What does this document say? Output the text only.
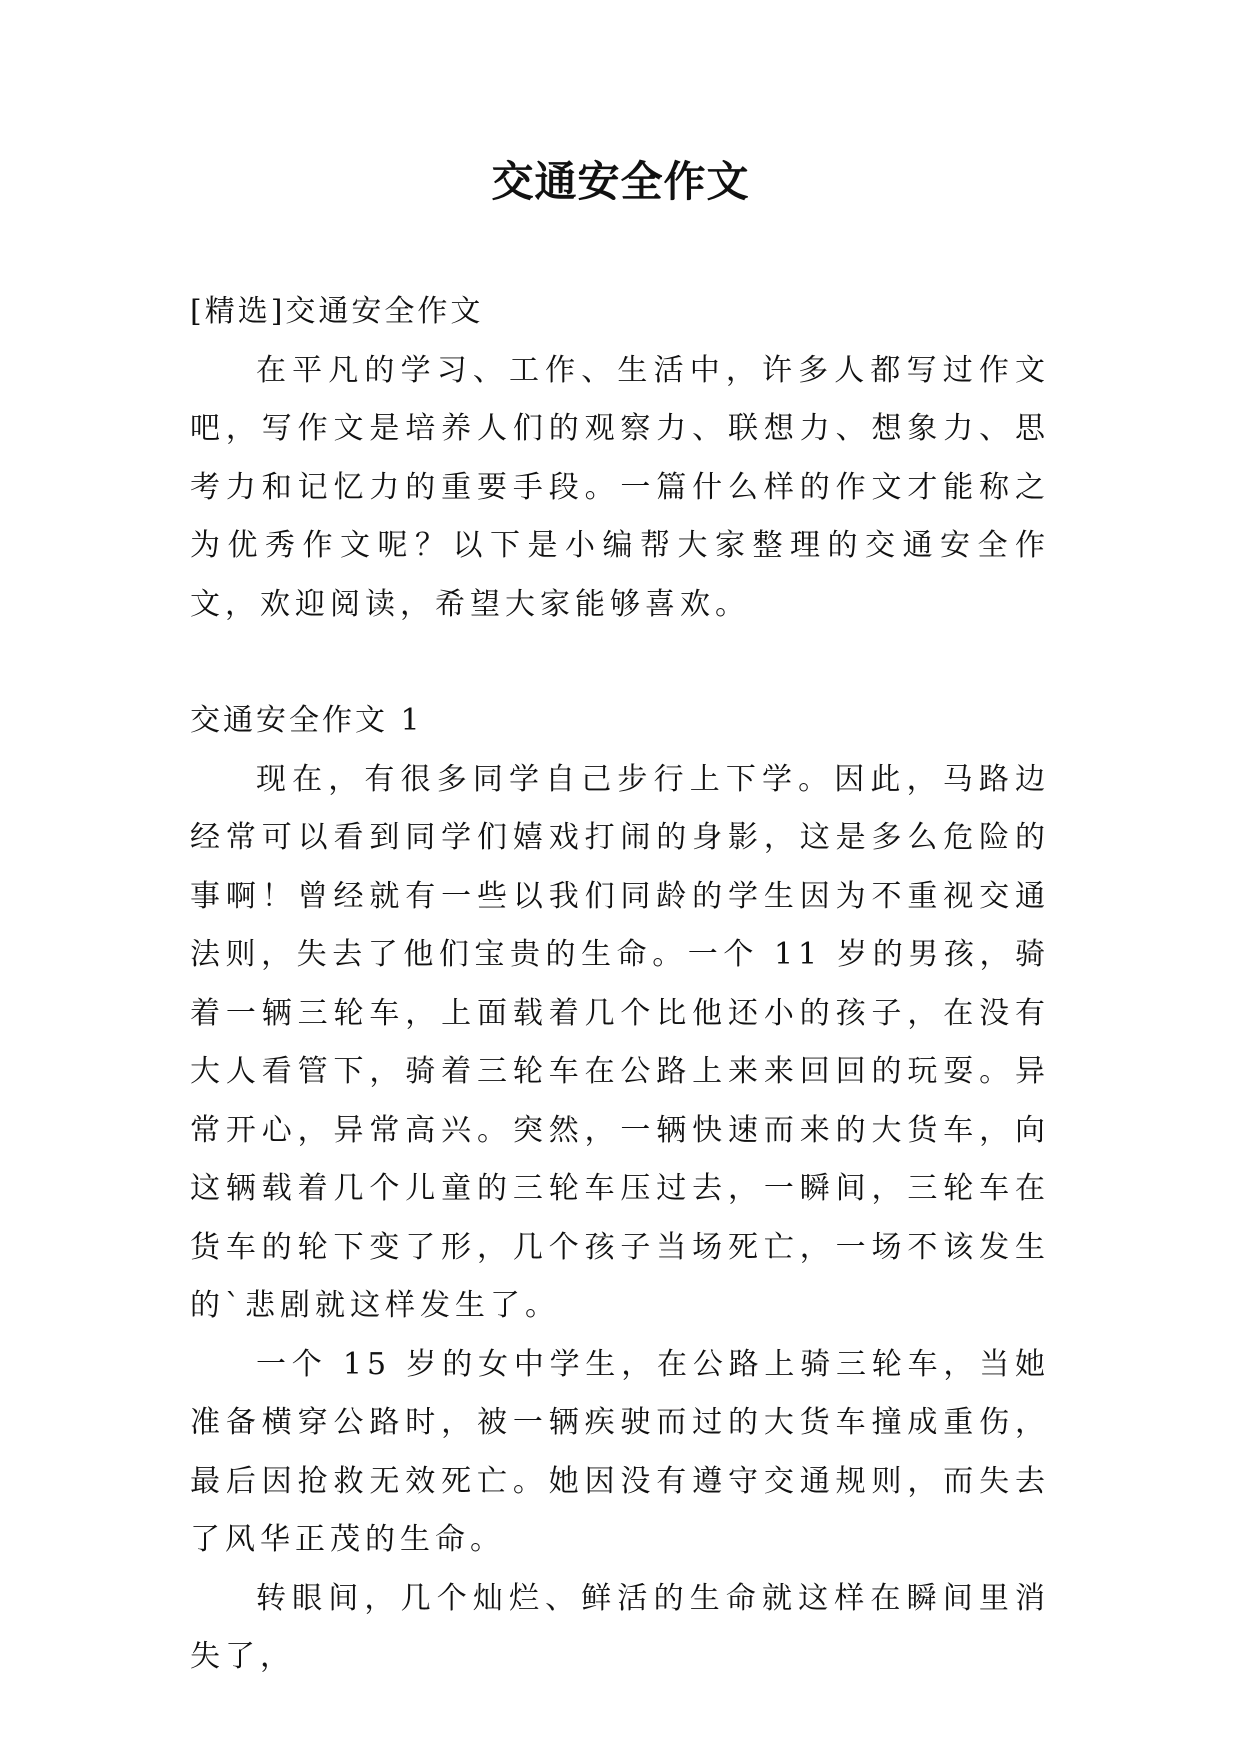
交通安全作文

[精选]交通安全作文

在平凡的学习、工作、生活中，许多人都写过作文吧，写作文是培养人们的观察力、联想力、想象力、思考力和记忆力的重要手段。一篇什么样的作文才能称之为优秀作文呢？以下是小编帮大家整理的交通安全作文，欢迎阅读，希望大家能够喜欢。

交通安全作文 1

现在，有很多同学自己步行上下学。因此，马路边经常可以看到同学们嬉戏打闹的身影，这是多么危险的事啊！曾经就有一些以我们同龄的学生因为不重视交通法则，失去了他们宝贵的生命。一个 11 岁的男孩，骑着一辆三轮车，上面载着几个比他还小的孩子，在没有大人看管下，骑着三轮车在公路上来来回回的玩耍。异常开心，异常高兴。突然，一辆快速而来的大货车，向这辆载着几个儿童的三轮车压过去，一瞬间，三轮车在货车的轮下变了形，几个孩子当场死亡，一场不该发生的`悲剧就这样发生了。

一个 15 岁的女中学生，在公路上骑三轮车，当她准备横穿公路时，被一辆疾驶而过的大货车撞成重伤，最后因抢救无效死亡。她因没有遵守交通规则，而失去了风华正茂的生命。

转眼间，几个灿烂、鲜活的生命就这样在瞬间里消失了，
